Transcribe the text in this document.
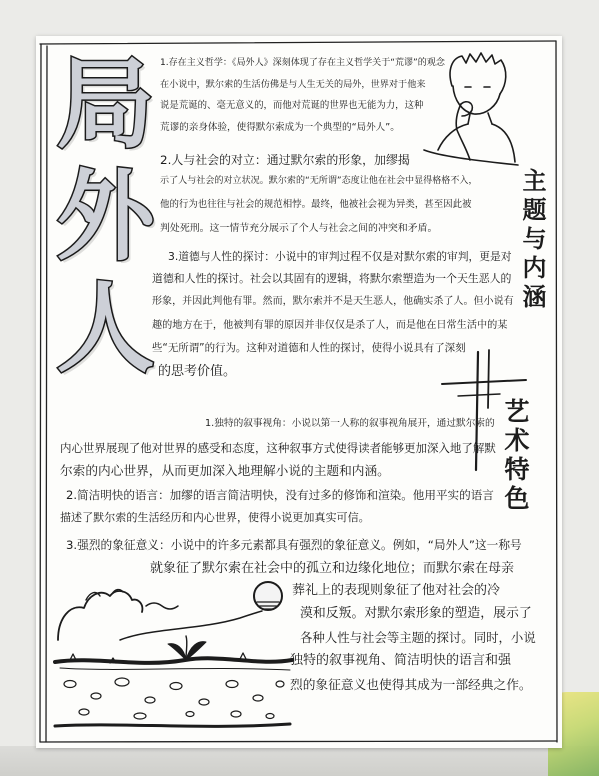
局外人	主题与内涵
艺术特色
1.存在主义哲学：《局外人》深刻体现了存在主义哲学关于“荒谬”的观念
在小说中，默尔索的生活仿佛是与人生无关的局外，世界对于他来
说是荒诞的、毫无意义的，而他对荒诞的世界也无能为力，这种
荒谬的亲身体验，使得默尔索成为一个典型的“局外人”。
2.人与社会的对立：通过默尔索的形象，加缪揭
示了人与社会的对立状况。默尔索的“无所谓”态度让他在社会中显得格格不入，
他的行为也往往与社会的规范相悖。最终，他被社会视为异类，甚至因此被
判处死刑。这一情节充分展示了个人与社会之间的冲突和矛盾。
3.道德与人性的探讨：小说中的审判过程不仅是对默尔索的审判，更是对
道德和人性的探讨。社会以其固有的逻辑，将默尔索塑造为一个天生恶人的
形象，并因此判他有罪。然而，默尔索并不是天生恶人，他确实杀了人。但小说有
趣的地方在于，他被判有罪的原因并非仅仅是杀了人，而是他在日常生活中的某
些“无所谓”的行为。这种对道德和人性的探讨，使得小说具有了深刻
的思考价值。
1.独特的叙事视角：小说以第一人称的叙事视角展开，通过默尔索的
内心世界展现了他对世界的感受和态度，这种叙事方式使得读者能够更加深入地了解默
尔索的内心世界，从而更加深入地理解小说的主题和内涵。
2.简洁明快的语言：加缪的语言简洁明快，没有过多的修饰和渲染。他用平实的语言
描述了默尔索的生活经历和内心世界，使得小说更加真实可信。
3.强烈的象征意义：小说中的许多元素都具有强烈的象征意义。例如，“局外人”这一称号
就象征了默尔索在社会中的孤立和边缘化地位；而默尔索在母亲
葬礼上的表现则象征了他对社会的冷
漠和反叛。对默尔索形象的塑造，展示了
各种人性与社会等主题的探讨。同时，小说
独特的叙事视角、简洁明快的语言和强
烈的象征意义也使得其成为一部经典之作。
